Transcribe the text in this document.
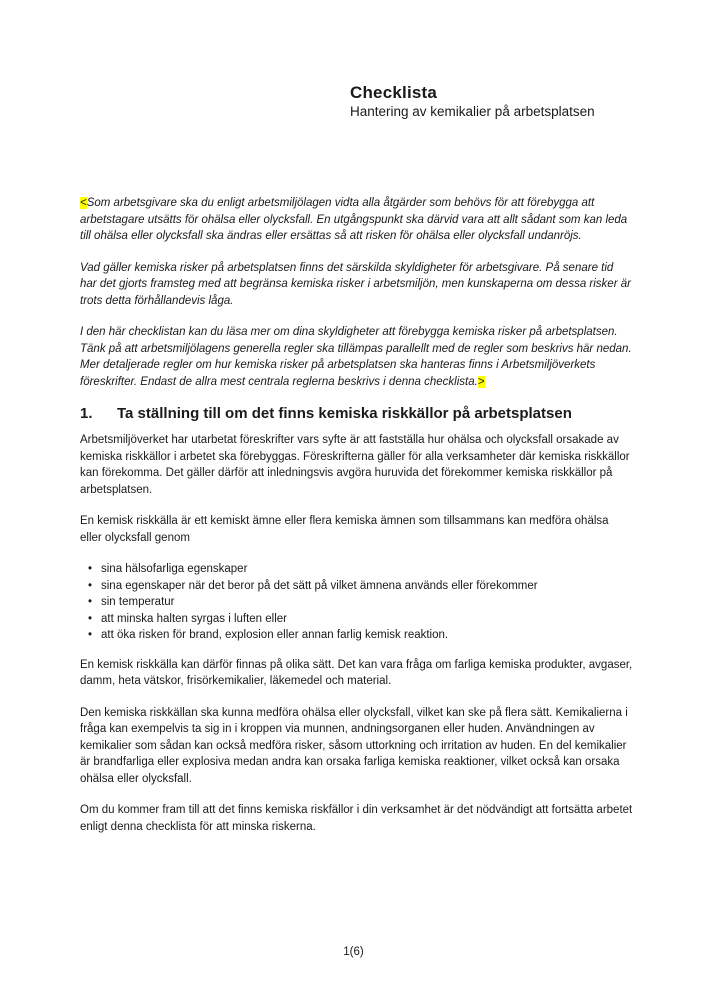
Checklista
Hantering av kemikalier på arbetsplatsen

<Som arbetsgivare ska du enligt arbetsmiljölagen vidta alla åtgärder som behövs för att förebygga att arbetstagare utsätts för ohälsa eller olycksfall. En utgångspunkt ska därvid vara att allt sådant som kan leda till ohälsa eller olycksfall ska ändras eller ersättas så att risken för ohälsa eller olycksfall undanröjs.

Vad gäller kemiska risker på arbetsplatsen finns det särskilda skyldigheter för arbetsgivare. På senare tid har det gjorts framsteg med att begränsa kemiska risker i arbetsmiljön, men kunskaperna om dessa risker är trots detta förhållandevis låga.

I den här checklistan kan du läsa mer om dina skyldigheter att förebygga kemiska risker på arbetsplatsen. Tänk på att arbetsmiljölagens generella regler ska tillämpas parallellt med de regler som beskrivs här nedan. Mer detaljerade regler om hur kemiska risker på arbetsplatsen ska hanteras finns i Arbetsmiljöverkets föreskrifter. Endast de allra mest centrala reglerna beskrivs i denna checklista.>

1.	Ta ställning till om det finns kemiska riskkällor på arbetsplatsen

Arbetsmiljöverket har utarbetat föreskrifter vars syfte är att fastställa hur ohälsa och olycksfall orsakade av kemiska riskkällor i arbetet ska förebyggas. Föreskrifterna gäller för alla verksamheter där kemiska riskkällor kan förekomma. Det gäller därför att inledningsvis avgöra huruvida det förekommer kemiska riskkällor på arbetsplatsen.

En kemisk riskkälla är ett kemiskt ämne eller flera kemiska ämnen som tillsammans kan medföra ohälsa eller olycksfall genom

• sina hälsofarliga egenskaper
• sina egenskaper när det beror på det sätt på vilket ämnena används eller förekommer
• sin temperatur
• att minska halten syrgas i luften eller
• att öka risken för brand, explosion eller annan farlig kemisk reaktion.

En kemisk riskkälla kan därför finnas på olika sätt. Det kan vara fråga om farliga kemiska produkter, avgaser, damm, heta vätskor, frisörkemikalier, läkemedel och material.

Den kemiska riskkällan ska kunna medföra ohälsa eller olycksfall, vilket kan ske på flera sätt. Kemikalierna i fråga kan exempelvis ta sig in i kroppen via munnen, andningsorganen eller huden. Användningen av kemikalier som sådan kan också medföra risker, såsom uttorkning och irritation av huden. En del kemikalier är brandfarliga eller explosiva medan andra kan orsaka farliga kemiska reaktioner, vilket också kan orsaka ohälsa eller olycksfall.

Om du kommer fram till att det finns kemiska riskfällor i din verksamhet är det nödvändigt att fortsätta arbetet enligt denna checklista för att minska riskerna.

1(6)
